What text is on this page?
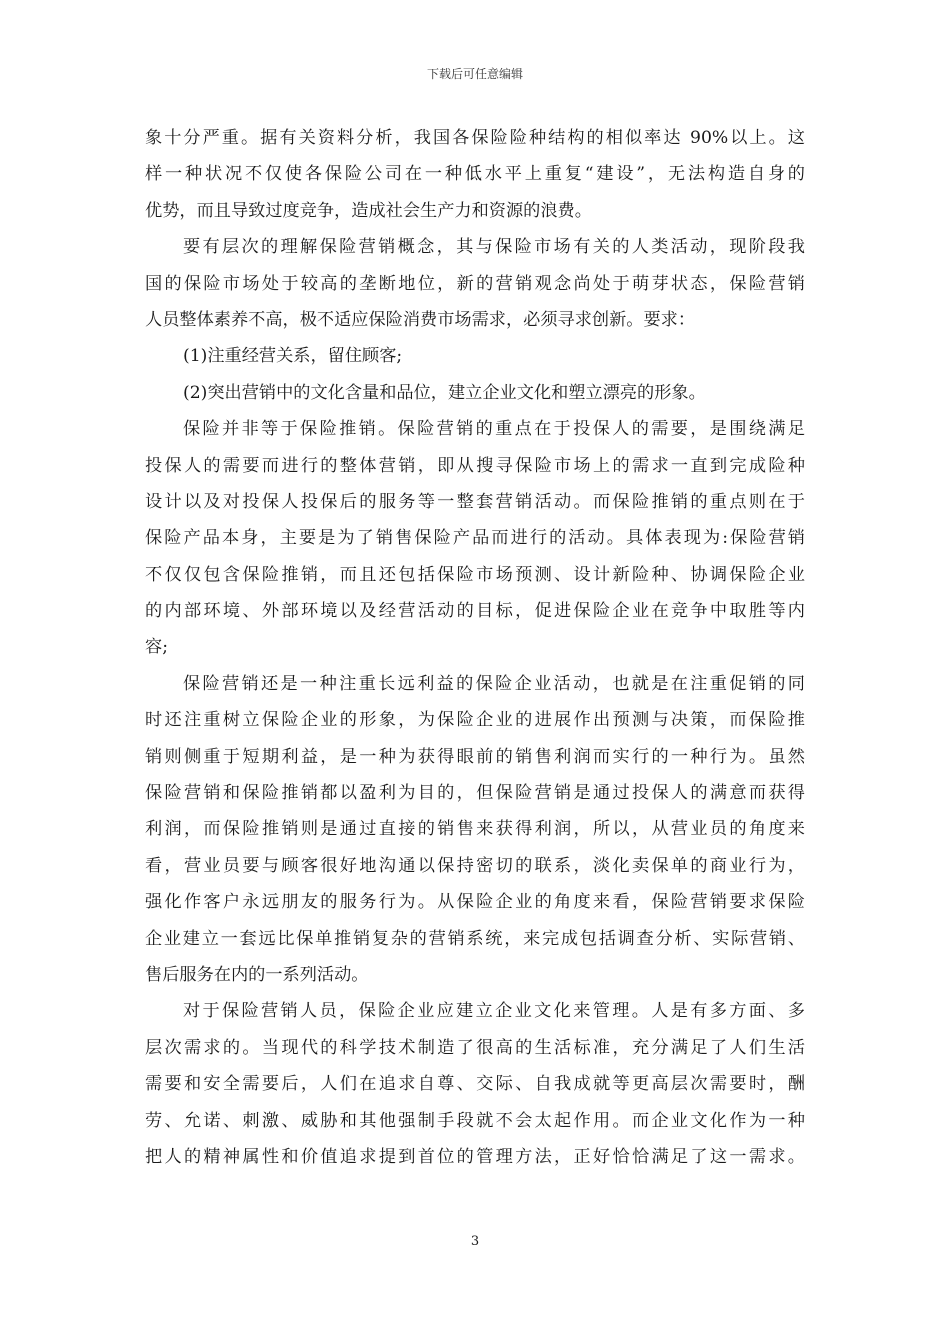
下载后可任意编辑
象十分严重。据有关资料分析，我国各保险险种结构的相似率达 90%以上。这
样一种状况不仅使各保险公司在一种低水平上重复“建设”，无法构造自身的
优势，而且导致过度竞争，造成社会生产力和资源的浪费。
要有层次的理解保险营销概念，其与保险市场有关的人类活动，现阶段我
国的保险市场处于较高的垄断地位，新的营销观念尚处于萌芽状态，保险营销
人员整体素养不高，极不适应保险消费市场需求，必须寻求创新。要求：
(1)注重经营关系，留住顾客;
(2)突出营销中的文化含量和品位，建立企业文化和塑立漂亮的形象。
保险并非等于保险推销。保险营销的重点在于投保人的需要，是围绕满足
投保人的需要而进行的整体营销，即从搜寻保险市场上的需求一直到完成险种
设计以及对投保人投保后的服务等一整套营销活动。而保险推销的重点则在于
保险产品本身，主要是为了销售保险产品而进行的活动。具体表现为:保险营销
不仅仅包含保险推销，而且还包括保险市场预测、设计新险种、协调保险企业
的内部环境、外部环境以及经营活动的目标，促进保险企业在竞争中取胜等内
容;
保险营销还是一种注重长远利益的保险企业活动，也就是在注重促销的同
时还注重树立保险企业的形象，为保险企业的进展作出预测与决策，而保险推
销则侧重于短期利益，是一种为获得眼前的销售利润而实行的一种行为。虽然
保险营销和保险推销都以盈利为目的，但保险营销是通过投保人的满意而获得
利润，而保险推销则是通过直接的销售来获得利润，所以，从营业员的角度来
看，营业员要与顾客很好地沟通以保持密切的联系，淡化卖保单的商业行为，
强化作客户永远朋友的服务行为。从保险企业的角度来看，保险营销要求保险
企业建立一套远比保单推销复杂的营销系统，来完成包括调查分析、实际营销、
售后服务在内的一系列活动。
对于保险营销人员，保险企业应建立企业文化来管理。人是有多方面、多
层次需求的。当现代的科学技术制造了很高的生活标准，充分满足了人们生活
需要和安全需要后，人们在追求自尊、交际、自我成就等更高层次需要时，酬
劳、允诺、刺激、威胁和其他强制手段就不会太起作用。而企业文化作为一种
把人的精神属性和价值追求提到首位的管理方法，正好恰恰满足了这一需求。
3
